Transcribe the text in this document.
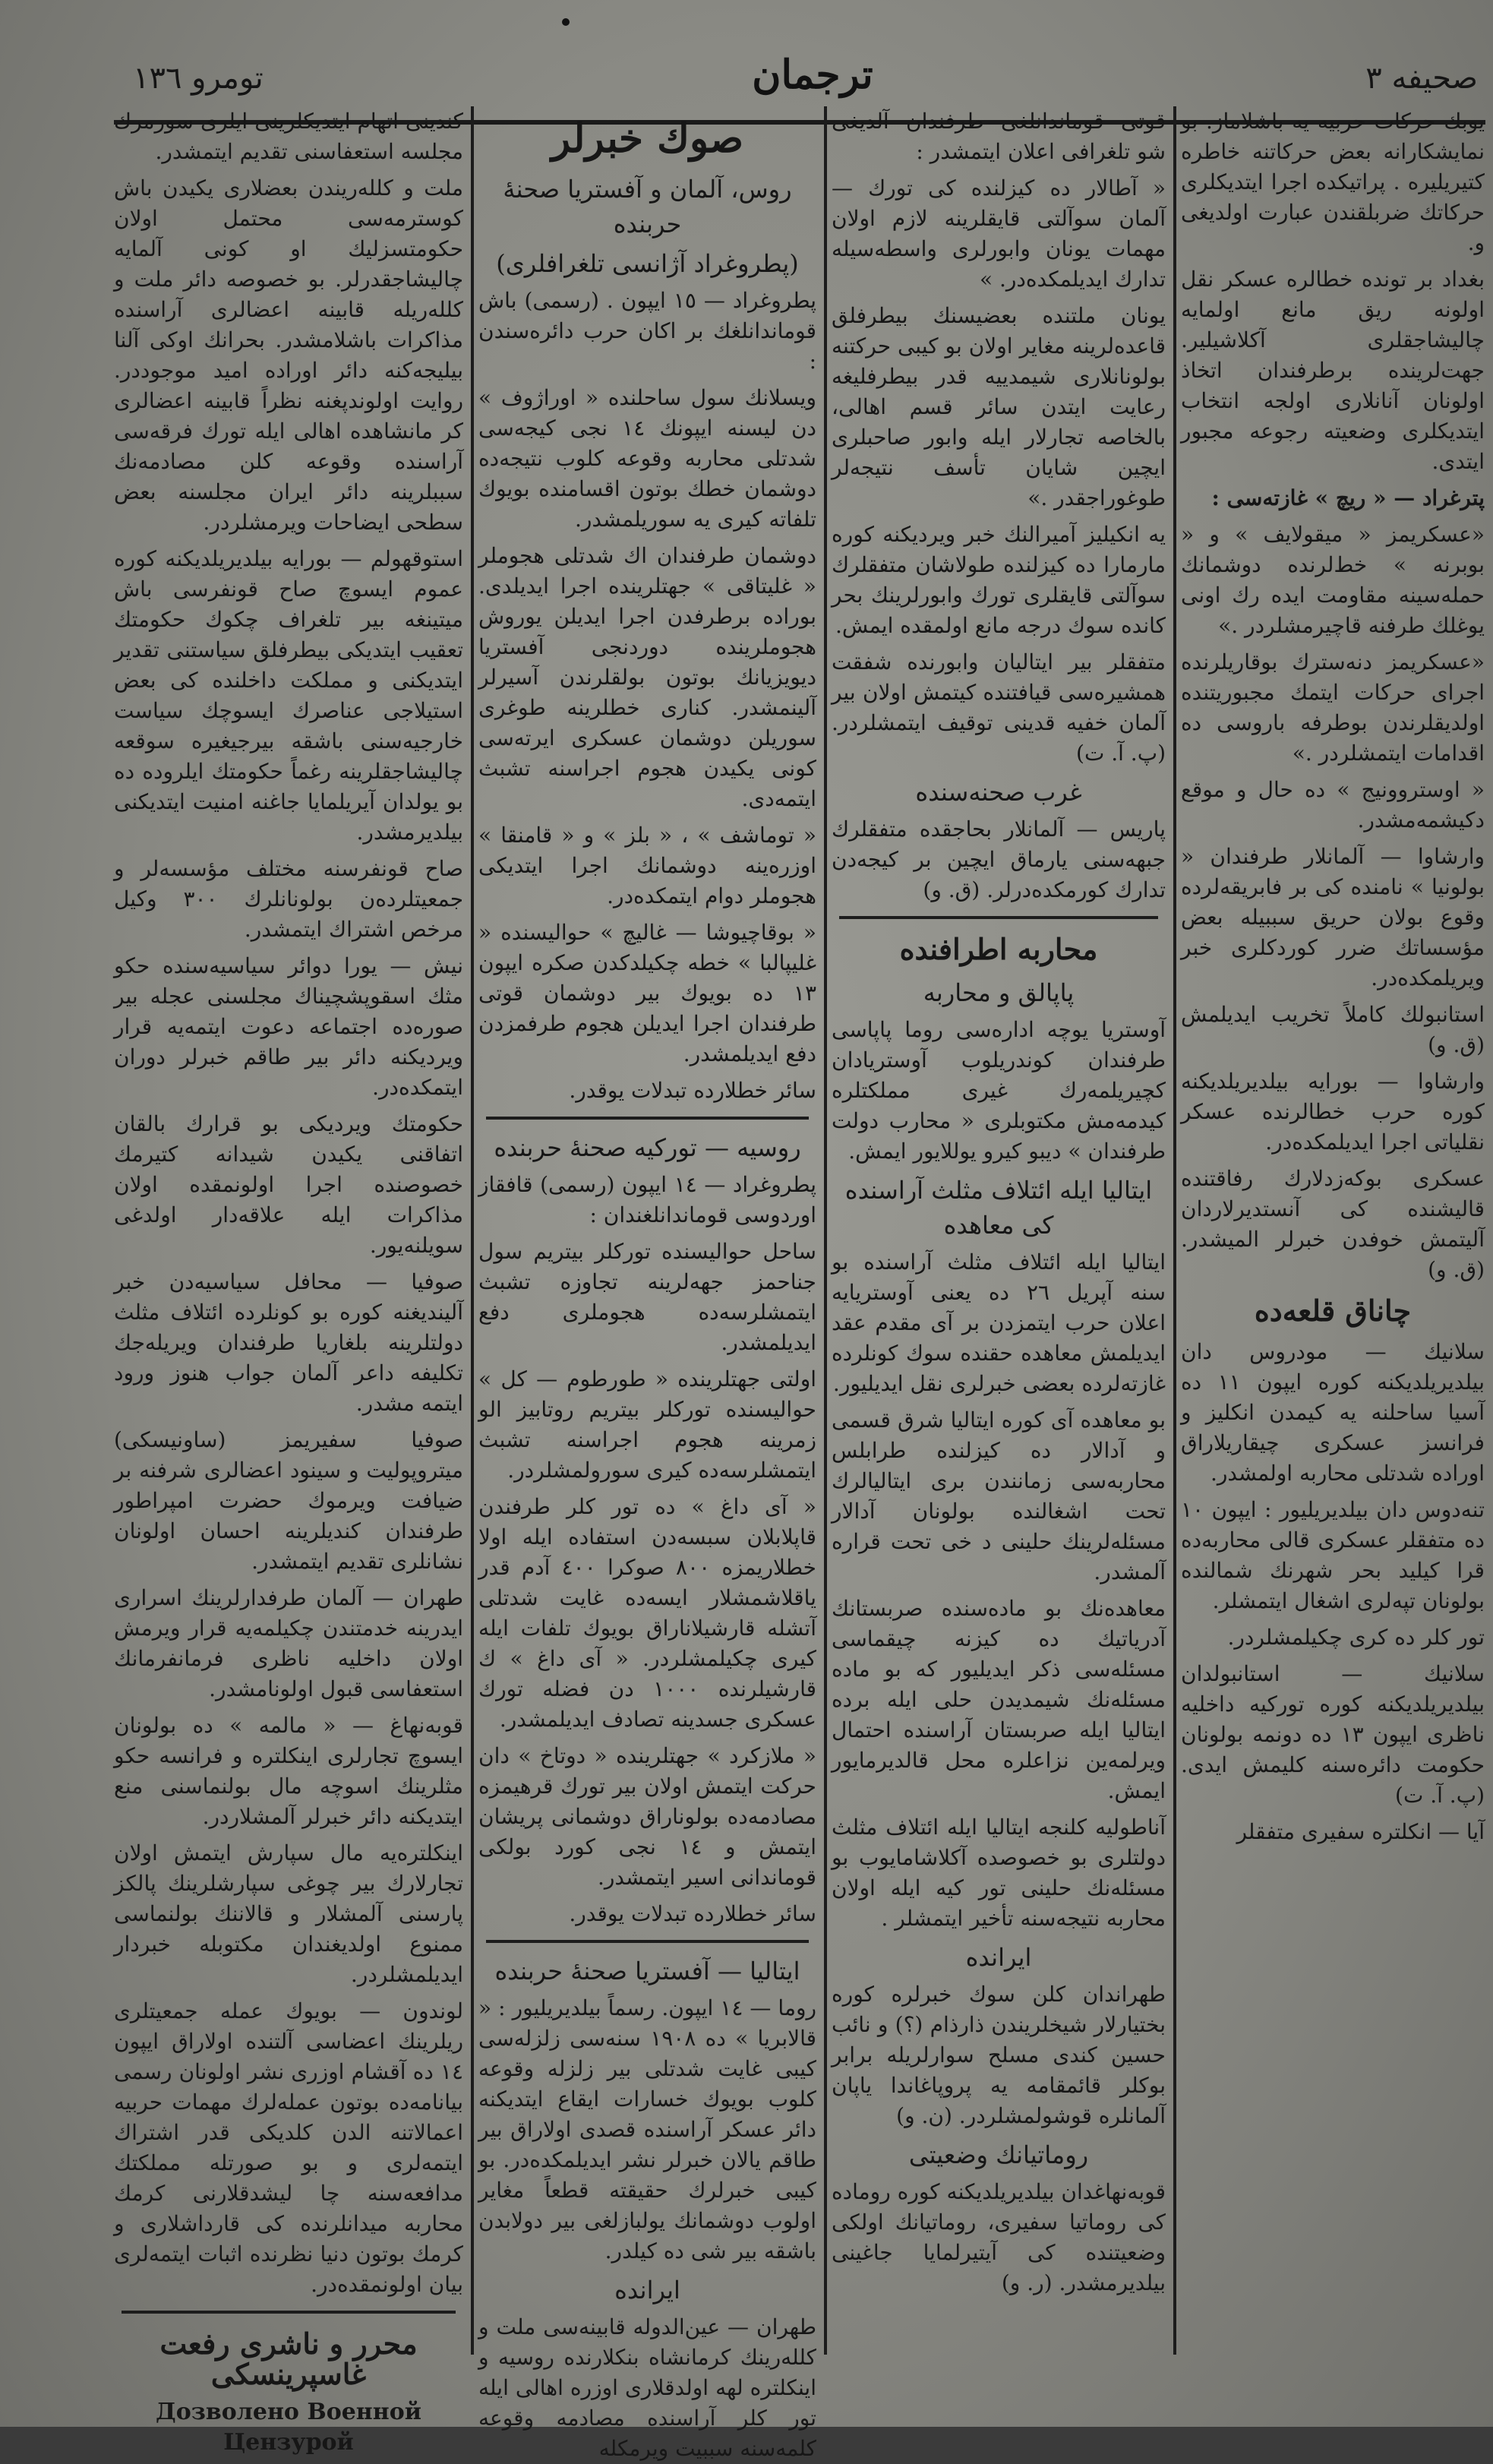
تومرو ١٣٦	ترجمان	صحيفه ٣

يوبك حركات حربيه يه باشلاماز. بو نمايشكارانه بعض حركاتنه خاطره كتيريليره . پراتيكده اجرا ايتديكلرى حركاتك ضربلقندن عبارت اولديغى و.

بغداد بر تونده خطالره عسكر نقل اولونه ريق مانع اولمايه چاليشاجقلرى آكلاشيلير. جهت‌لرينده برطرفندان اتخاذ اولونان آنانلارى اولجه انتخاب ايتديكلرى وضعيته رجوعه مجبور ايتدى.

پترغراد — « ريچ » غازته‌سى :

«عسكريمز « ميقولايف » و « بوبرنه » خط‌لرنده دوشمانك حمله‌سينه مقاومت ايده رك اونى يوغلك طرفنه قاچيرمشلردر .»

«عسكريمز دنه‌سترك بوقاريلرنده اجراى حركات ايتمك مجبوريتنده اولديقلرندن بوطرفه باروسى ده اقدامات ايتمشلردر .»

« اوستروونيج » ده حال و موقع دكيشمه‌مشدر.

وارشاوا — آلمانلار طرفندان « بولونيا » نامنده كى بر فابريقه‌لرده وقوع بولان حريق سببيله بعض مؤسساتك ضرر كوردكلرى خبر ويريلمكده‌در.

استانبولك كاملاً تخريب ايديلمش (ق. و)

وارشاوا — بورايه بيلديريلديكنه كوره حرب خطالرنده عسكر نقلياتى اجرا ايديلمكده‌در.

عسكرى بوكه‌زدلارك رفاقتنده قاليشنده كى آنستديرلاردان آليتمش خوفدن خبرلر الميشدر. (ق. و)

چاناق قلعه‌ده

سلانيك — مودروس دان بيلديريلديكنه كوره ايپون ١١ ده آسيا ساحلنه يه كيمدن انكليز و فرانسز عسكرى چيقاريلاراق اوراده شدتلى محاربه اولمشدر.

تنه‌دوس دان بيلديريليور : ايپون ١٠ ده متفقلر عسكرى قالى محاربه‌ده قرا كيليد بحر شهرنك شمالنده بولونان تپه‌لرى اشغال ايتمشلر.

تور كلر ده كرى چكيلمشلردر.

سلانيك — استانبولدان بيلديريلديكنه كوره توركيه داخليه ناظرى ايپون ١٣ ده دونمه بولونان حكومت دائره‌سنه كليمش ايدى. (پ. آ. ت)

آيا — انكلتره سفيرى متفقلر

قوتى قوماندانلغى طرفندان آلديغى شو تلغرافى اعلان ايتمشدر :

« آطالار ده كيزلنده كى تورك — آلمان سوآلتى قايقلرينه لازم اولان مهمات يونان وابورلرى واسطه‌سيله تدارك ايديلمكده‌در. »

يونان ملتنده بعضيسنك بيطرفلق قاعده‌لرينه مغاير اولان بو كيبى حركتنه بولونانلارى شيمدييه قدر بيطرفليغه رعايت ايتدن سائر قسم اهالى، بالخاصه تجارلار ايله وابور صاحبلرى ايچين شايان تأسف نتيجه‌لر طوغوراجقدر .»

يه انكيليز آميرالنك خبر ويرديكنه كوره مارمارا ده كيزلنده طولاشان متفقلرك سوآلتى قايقلرى تورك وابورلرينك بحر كانده سوك درجه مانع اولمقده ايمش.

متفقلر بير ايتاليان وابورنده شفقت همشيره‌سى قيافتنده كيتمش اولان بير آلمان خفيه قدينى توقيف ايتمشلردر. (پ. آ. ت)

غرب صحنه‌سنده

پاريس — آلمانلار بحاجقده متفقلرك جبهه‌سنى يارماق ايچين بر كيجه‌دن تدارك كورمكده‌درلر. (ق. و)

محاربه اطرافنده
پاپالق و محاربه

آوستريا يوچه اداره‌سى روما پاپاسى طرفندان كوندريلوب آوستريادان كچيريلمه‌رك غيرى مملكتلره كيدمه‌مش مكتوبلرى « محارب دولت طرفندان » ديبو كيرو يوللايور ايمش.

ايتاليا ايله ائتلاف مثلث آراسنده كى معاهده

ايتاليا ايله ائتلاف مثلث آراسنده بو سنه آپريل ٢٦ ده يعنى آوستريايه اعلان حرب ايتمزدن بر آى مقدم عقد ايديلمش معاهده حقنده سوك كونلرده غازته‌لرده بعضى خبرلرى نقل ايديليور.

بو معاهده آى كوره ايتاليا شرق قسمى و آدالار ده كيزلنده طرابلس محاربه‌سى زمانندن برى ايتاليالرك تحت اشغالنده بولونان آدالار مسئله‌لرينك حلينى د خى تحت قراره آلمشدر.

معاهده‌نك بو ماده‌سنده صربستانك آدرياتيك ده كيزنه چيقماسى مسئله‌سى ذكر ايديليور كه بو ماده مسئله‌نك شيمديدن حلى ايله برده ايتاليا ايله صربستان آراسنده احتمال ويرلمه‌ين نزاعلره محل قالديرمايور ايمش.

آناطوليه كلنجه ايتاليا ايله ائتلاف مثلث دولتلرى بو خصوصده آكلاشامايوب بو مسئله‌نك حلينى تور كيه ايله اولان محاربه نتيجه‌سنه تأخير ايتمشلر .

ايرانده

طهراندان كلن سوك خبرلره كوره بختيارلار شيخلريندن ذارذام (؟) و نائب حسين كندى مسلح سوارلريله برابر بوكلر قائمقامه يه پروپاغاندا ياپان آلمانلره قوشولمشلردر. (ن. و)

روماتيانك وضعيتى

قوبه‌نهاغدان بيلديريلديكنه كوره روماده كى روماتيا سفيرى، روماتيانك اولكى وضعيتنده كى آيتيرلمايا جاغينى بيلديرمشدر. (ر. و)

صوك خبرلر
روس، آلمان و آفستريا صحنهٔ حربنده
(پطروغراد آژانسى تلغرافلرى)

پطروغراد — ١٥ ايپون . (رسمى) باش قوماندانلغك بر اكان حرب دائره‌سندن :

ويسلانك سول ساحلنده « اوراژوف » دن ليسنه ايپونك ١٤ نجى كيجه‌سى شدتلى محاربه وقوعه كلوب نتيجه‌ده دوشمان خطك بوتون اقسامنده بويوك تلفاته كيرى يه سوريلمشدر.

دوشمان طرفندان اك شدتلى هجوملر « غليتاقى » جهتلرينده اجرا ايديلدى. بوراده برطرفدن اجرا ايديلن يوروش هجوملرينده دوردنجى آفستريا ديويزيانك بوتون بولقلرندن آسيرلر آلينمشدر. كنارى خطلرينه طوغرى سوريلن دوشمان عسكرى ايرته‌سى كونى يكيدن هجوم اجراسنه تشبث ايتمه‌دى.

« توماشف » ، « بلز » و « قامنقا » اوزره‌ينه دوشمانك اجرا ايتديكى هجوملر دوام ايتمكده‌در.

« بوقاچيوشا — غاليچ » حواليسنده « غليپالبا » خطه چكيلدكدن صكره ايپون ١٣ ده بويوك بير دوشمان قوتى طرفندان اجرا ايديلن هجوم طرفمزدن دفع ايديلمشدر.

سائر خطلارده تبدلات يوقدر.

روسيه — توركيه صحنهٔ حربنده

پطروغراد — ١٤ ايپون (رسمى) قافقاز اوردوسى قوماندانلغندان :

ساحل حواليسنده توركلر بيتريم سول جناحمز جهه‌لرينه تجاوزه تشبث ايتمشلرسه‌ده هجوملرى دفع ايديلمشدر.

اولتى جهتلرينده « طورطوم — كل » حواليسنده توركلر بيتريم روتابيز الو زمرينه هجوم اجراسنه تشبث ايتمشلرسه‌ده كيرى سورولمشلردر.

« آى داغ » ده تور كلر طرفندن قاپلابلان سبسه‌دن استفاده ايله اولا خطلاريمزه ٨٠٠ صوكرا ٤٠٠ آدم قدر ياقلاشمشلار ايسه‌ده غايت شدتلى آتشله قارشيلاناراق بويوك تلفات ايله كيرى چكيلمشلردر. « آى داغ » ك قارشيلرنده ١٠٠٠ دن فضله تورك عسكرى جسدينه تصادف ايديلمشدر.

« ملازكرد » جهتلرينده « دوتاخ » دان حركت ايتمش اولان بير تورك قرهيمزه مصادمه‌ده بولوناراق دوشمانى پريشان ايتمش و ١٤ نجى كورد بولكى قوماندانى اسير ايتمشدر.

سائر خطلارده تبدلات يوقدر.

ايتاليا — آفستريا صحنهٔ حربنده

روما — ١٤ ايپون. رسماً بيلديريليور : « قالابريا » ده ١٩٠٨ سنه‌سى زلزله‌سى كيبى غايت شدتلى بير زلزله وقوعه كلوب بويوك خسارات ايقاع ايتديكنه دائر عسكر آراسنده قصدى اولاراق بير طاقم يالان خبرلر نشر ايديلمكده‌در. بو كيبى خبرلرك حقيقته قطعاً مغاير اولوب دوشمانك يولبازلغى بير دولابدن باشقه بير شى ده كيلدر.

ايرانده

طهران — عين‌الدوله قابينه‌سى ملت و كلله‌رينك كرمانشاه بنكلارنده روسيه و اينكلتره لهه اولدقلارى اوزره اهالى ايله تور كلر آراسنده مصادمه وقوعه كلمه‌سنه سببيت ويرمكله

كندينى اتهام ايتديكلرينى ايلرى سورمرك مجلسه استعفاسنى تقديم ايتمشدر.

ملت و كلله‌ريندن بعضلارى يكيدن باش كوسترمه‌سى محتمل اولان حكومتسزليك او كونى آلمايه چاليشاجقدرلر. بو خصوصه دائر ملت و كلله‌ريله قابينه اعضالرى آراسنده مذاكرات باشلامشدر. بحرانك اوكى آلنا بيليجه‌كنه دائر اوراده اميد موجوددر. روايت اولوندپغنه نظراً قابينه اعضالرى كر مانشاهده اهالى ايله تورك فرقه‌سى آراسنده وقوعه كلن مصادمه‌نك سببلرينه دائر ايران مجلسنه بعض سطحى ايضاحات ويرمشلردر.

استوقهولم — بورايه بيلديريلديكنه كوره عموم ايسوچ صاح قونفرسى باش ميتينغه بير تلغراف چكوك حكومتك تعقيب ايتديكى بيطرفلق سياستنى تقدير ايتديكنى و مملكت داخلنده كى بعض استيلاجى عناصرك ايسوچك سياست خارجيه‌سنى باشقه بيرجيغيره سوقعه چاليشاجقلرينه رغماً حكومتك ايلروده ده بو يولدان آيريلمايا جاغنه امنيت ايتديكنى بيلديرمشدر.

صاح قونفرسنه مختلف مؤسسه‌لر و جمعيتلرده‌ن بولونانلرك ٣٠٠ وكيل مرخص اشتراك ايتمشدر.

نيش — يورا دوائر سياسيه‌سنده حكو مثك اسقوپشچيناك مجلسنى عجله بير صوره‌ده اجتماعه دعوت ايتمه‌يه قرار ويرديكنه دائر بير طاقم خبرلر دوران ايتمكده‌در.

حكومتك ويرديكى بو قرارك بالقان اتفاقنى يكيدن شيدانه كتيرمك خصوصنده اجرا اولونمقده اولان مذاكرات ايله علاقه‌دار اولدغى سويلنه‌يور.

صوفيا — محافل سياسيه‌دن خبر آلينديغنه كوره بو كونلرده ائتلاف مثلث دولتلرينه بلغاريا طرفندان ويريله‌جك تكليفه داعر آلمان جواب هنوز ورود ايتمه مشدر.

صوفيا سفيريمز (ساونيسكى) ميتروپوليت و سينود اعضالرى شرفنه بر ضيافت ويرموك حضرت امپراطور طرفندان كنديلرينه احسان اولونان نشانلرى تقديم ايتمشدر.

طهران — آلمان طرفدارلرينك اسرارى ايدرينه خدمتندن چكيلمه‌يه قرار ويرمش اولان داخليه ناظرى فرمانفرمانك استعفاسى قبول اولونامشدر.

قوبه‌نهاغ — « مالمه » ده بولونان ايسوچ تجارلرى اينكلتره و فرانسه حكو مثلرينك اسوچه مال بولنماسنى منع ايتديكنه دائر خبرلر آلمشلاردر.

اينكلتره‌يه مال سپارش ايتمش اولان تجارلارك بير چوغى سپارشلرينك پالكز پارسنى آلمشلار و قالاننك بولنماسى ممنوع اولديغندان مكتوبله خبردار ايديلمشلردر.

لوندون — بويوك عمله جمعيتلرى ريلرينك اعضاسى آلتنده اولاراق ايپون ١٤ ده آقشام اوزرى نشر اولونان رسمى بيانامه‌ده بوتون عمله‌لرك مهمات حربيه اعمالاتنه الدن كلديكى قدر اشتراك ايتمه‌لرى و بو صورتله مملكتك مدافعه‌سنه چا ليشدقلارنى كرمك محاربه ميدانلرنده كى قارداشلارى و كرمك بوتون دنيا نظرنده اثبات ايتمه‌لرى بيان اولونمقده‌در.

محرر و ناشرى رفعت غاسپرينسكى
Дозволено Военной Цензурой
